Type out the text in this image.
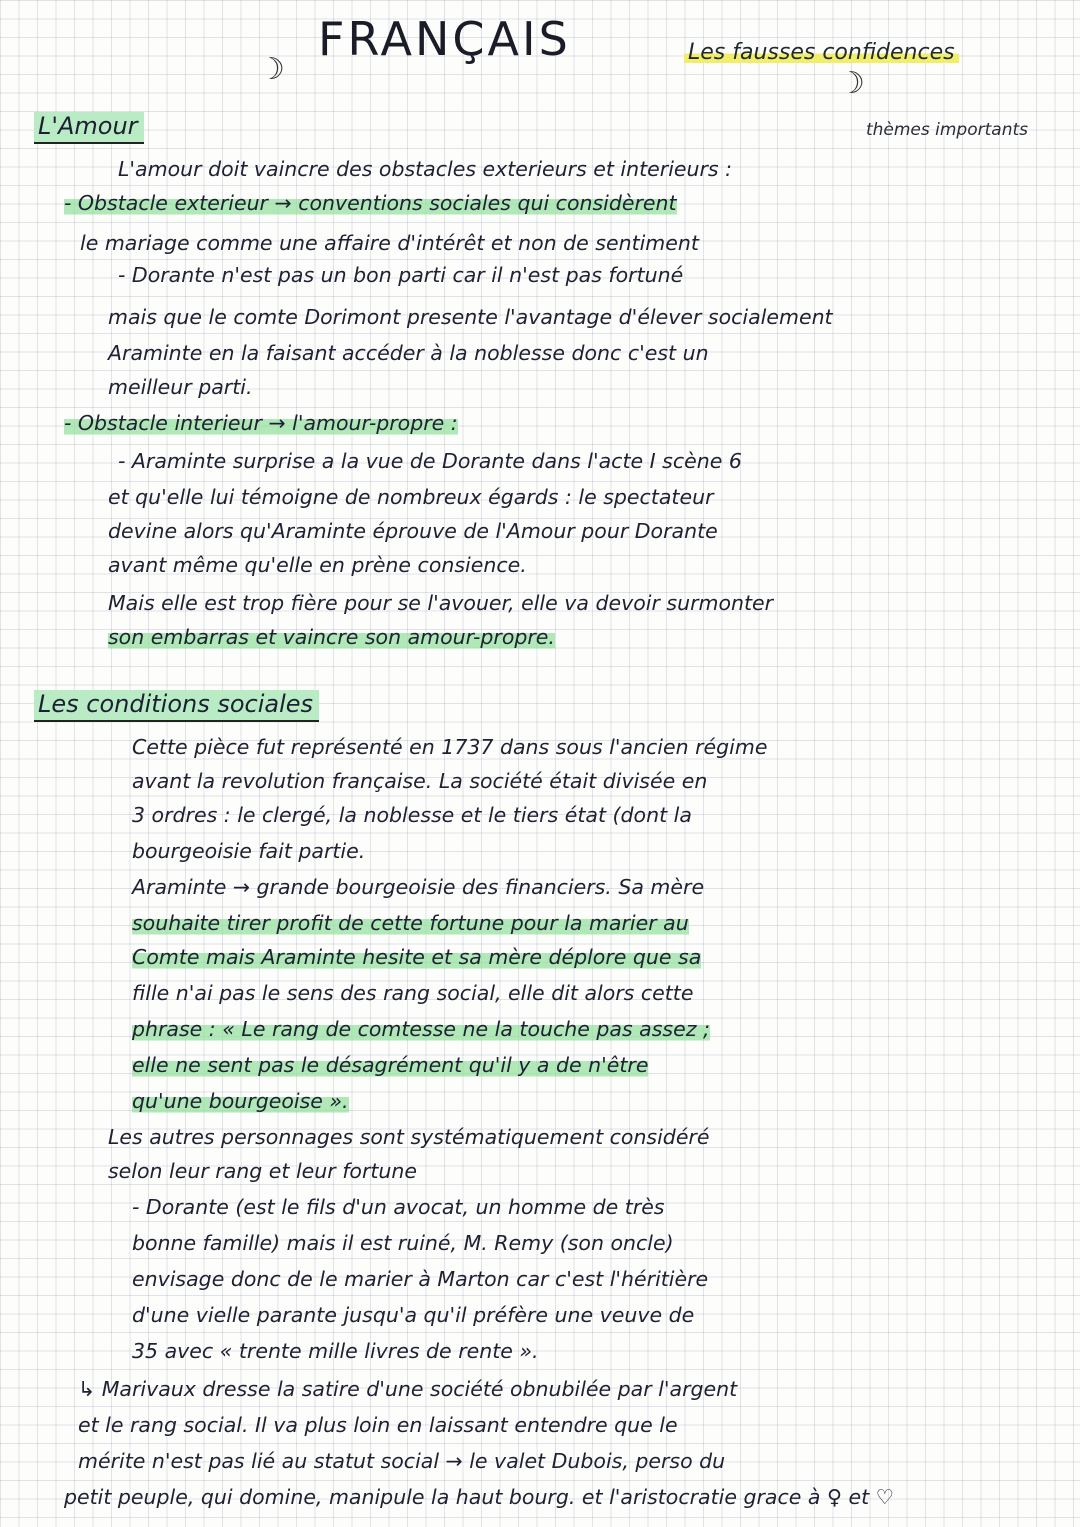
FRANÇAIS
☽	☽
Les fausses confidences
L'Amour	thèmes importants
L'amour doit vaincre des obstacles exterieurs et interieurs :
- Obstacle exterieur → conventions sociales qui considèrent
le mariage comme une affaire d'intérêt et non de sentiment
- Dorante n'est pas un bon parti car il n'est pas fortuné
mais que le comte Dorimont presente l'avantage d'élever socialement
Araminte en la faisant accéder à la noblesse donc c'est un
meilleur parti.
- Obstacle interieur → l'amour-propre :
- Araminte surprise a la vue de Dorante dans l'acte I scène 6
et qu'elle lui témoigne de nombreux égards : le spectateur
devine alors qu'Araminte éprouve de l'Amour pour Dorante
avant même qu'elle en prène consience.
Mais elle est trop fière pour se l'avouer, elle va devoir surmonter
son embarras et vaincre son amour-propre.
Les conditions sociales
Cette pièce fut représenté en 1737 dans sous l'ancien régime
avant la revolution française. La société était divisée en
3 ordres : le clergé, la noblesse et le tiers état (dont la
bourgeoisie fait partie.
Araminte → grande bourgeoisie des financiers. Sa mère
souhaite tirer profit de cette fortune pour la marier au
Comte mais Araminte hesite et sa mère déplore que sa
fille n'ai pas le sens des rang social, elle dit alors cette
phrase : « Le rang de comtesse ne la touche pas assez ;
elle ne sent pas le désagrément qu'il y a de n'être
qu'une bourgeoise ».
Les autres personnages sont systématiquement considéré
selon leur rang et leur fortune
- Dorante (est le fils d'un avocat, un homme de très
bonne famille) mais il est ruiné, M. Remy (son oncle)
envisage donc de le marier à Marton car c'est l'héritière
d'une vielle parante jusqu'a qu'il préfère une veuve de
35 avec « trente mille livres de rente ».
↳ Marivaux dresse la satire d'une société obnubilée par l'argent
et le rang social. Il va plus loin en laissant entendre que le
mérite n'est pas lié au statut social → le valet Dubois, perso du
petit peuple, qui domine, manipule la haut bourg. et l'aristocratie grace à ♀ et ♡
